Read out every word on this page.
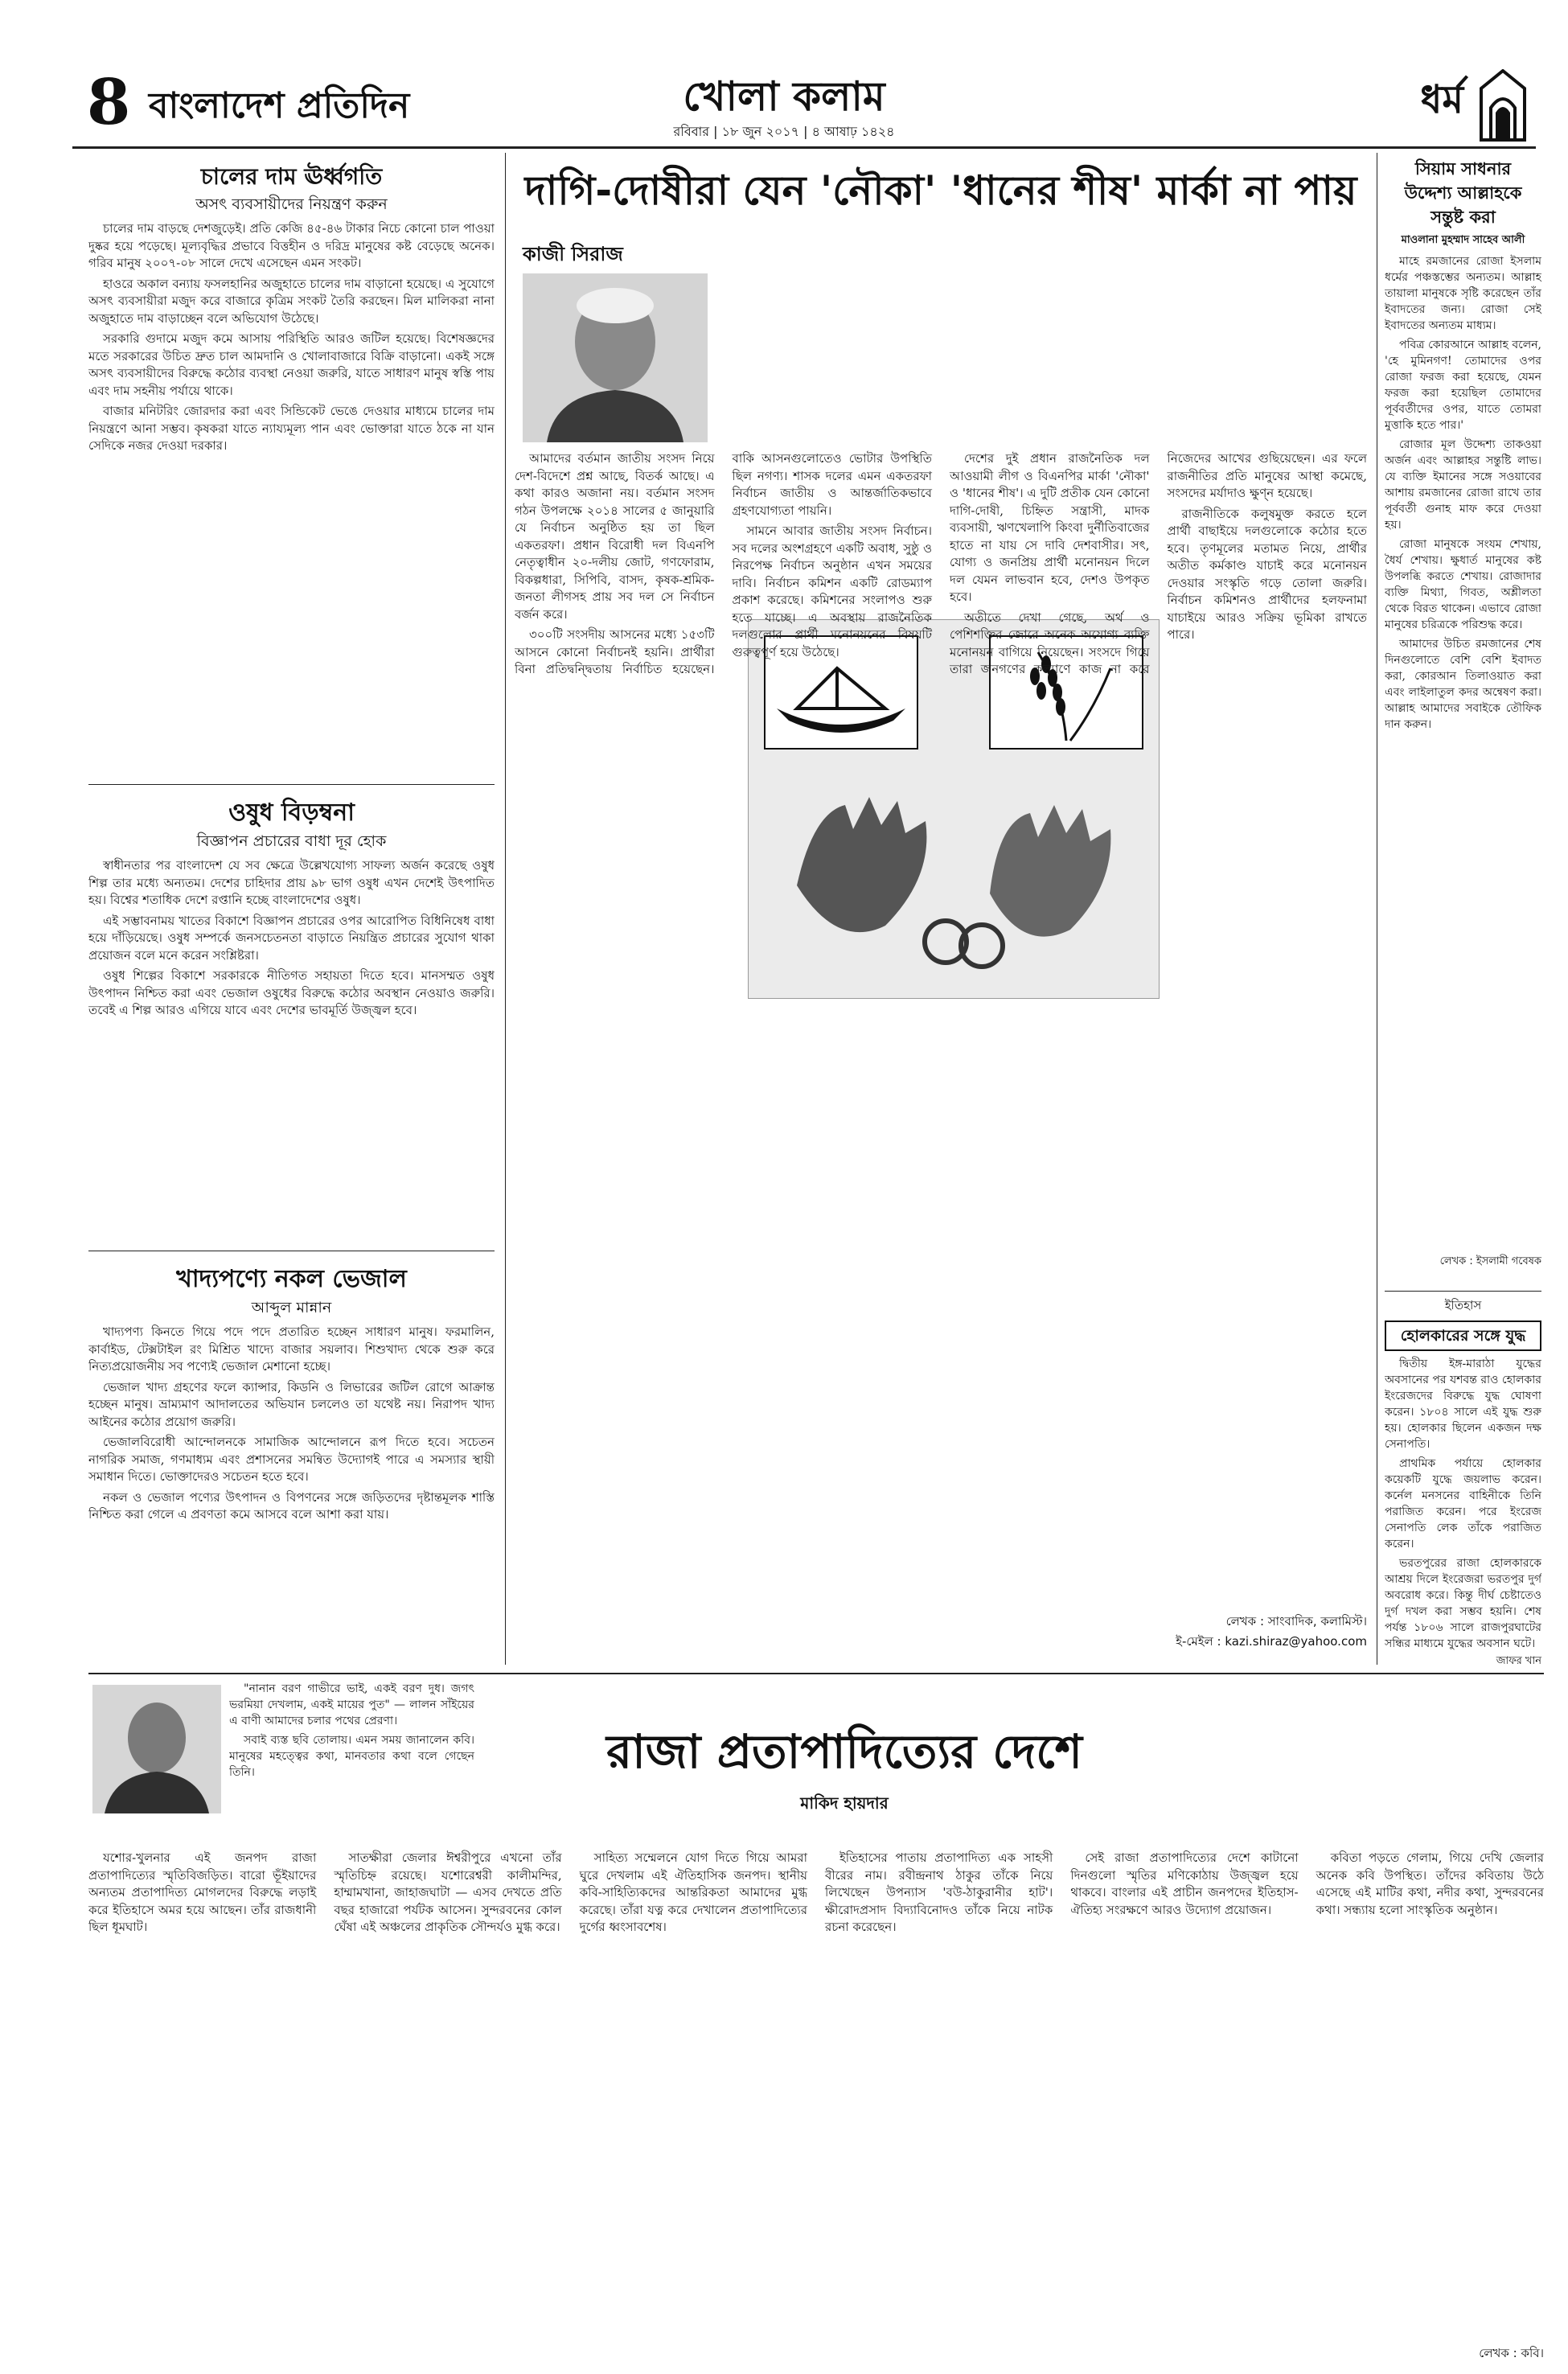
8 বাংলাদেশ প্রতিদিন	খোলা কলাম
রবিবার | ১৮ জুন ২০১৭ | ৪ আষাঢ় ১৪২৪
ধর্ম
চালের দাম ঊর্ধ্বগতি
অসৎ ব্যবসায়ীদের নিয়ন্ত্রণ করুন

চালের দাম বাড়ছে দেশজুড়েই। প্রতি কেজি ৪৫-৪৬ টাকার নিচে কোনো চাল পাওয়া দুষ্কর হয়ে পড়েছে। মূল্যবৃদ্ধির প্রভাবে বিত্তহীন ও দরিদ্র মানুষের কষ্ট বেড়েছে অনেক। গরিব মানুষ ২০০৭-০৮ সালে দেখে এসেছেন এমন সংকট।

হাওরে অকাল বন্যায় ফসলহানির অজুহাতে চালের দাম বাড়ানো হয়েছে। এ সুযোগে অসৎ ব্যবসায়ীরা মজুদ করে বাজারে কৃত্রিম সংকট তৈরি করছেন। মিল মালিকরা নানা অজুহাতে দাম বাড়াচ্ছেন বলে অভিযোগ উঠেছে।

সরকারি গুদামে মজুদ কমে আসায় পরিস্থিতি আরও জটিল হয়েছে। বিশেষজ্ঞদের মতে সরকারের উচিত দ্রুত চাল আমদানি ও খোলাবাজারে বিক্রি বাড়ানো। একই সঙ্গে অসৎ ব্যবসায়ীদের বিরুদ্ধে কঠোর ব্যবস্থা নেওয়া জরুরি, যাতে সাধারণ মানুষ স্বস্তি পায় এবং দাম সহনীয় পর্যায়ে থাকে।

বাজার মনিটরিং জোরদার করা এবং সিন্ডিকেট ভেঙে দেওয়ার মাধ্যমে চালের দাম নিয়ন্ত্রণে আনা সম্ভব। কৃষকরা যাতে ন্যায্যমূল্য পান এবং ভোক্তারা যাতে ঠকে না যান সেদিকে নজর দেওয়া দরকার।

ওষুধ বিড়ম্বনা
বিজ্ঞাপন প্রচারের বাধা দূর হোক

স্বাধীনতার পর বাংলাদেশ যে সব ক্ষেত্রে উল্লেখযোগ্য সাফল্য অর্জন করেছে ওষুধ শিল্প তার মধ্যে অন্যতম। দেশের চাহিদার প্রায় ৯৮ ভাগ ওষুধ এখন দেশেই উৎপাদিত হয়। বিশ্বের শতাধিক দেশে রপ্তানি হচ্ছে বাংলাদেশের ওষুধ।

এই সম্ভাবনাময় খাতের বিকাশে বিজ্ঞাপন প্রচারের ওপর আরোপিত বিধিনিষেধ বাধা হয়ে দাঁড়িয়েছে। ওষুধ সম্পর্কে জনসচেতনতা বাড়াতে নিয়ন্ত্রিত প্রচারের সুযোগ থাকা প্রয়োজন বলে মনে করেন সংশ্লিষ্টরা।

ওষুধ শিল্পের বিকাশে সরকারকে নীতিগত সহায়তা দিতে হবে। মানসম্মত ওষুধ উৎপাদন নিশ্চিত করা এবং ভেজাল ওষুধের বিরুদ্ধে কঠোর অবস্থান নেওয়াও জরুরি। তবেই এ শিল্প আরও এগিয়ে যাবে এবং দেশের ভাবমূর্তি উজ্জ্বল হবে।

খাদ্যপণ্যে নকল ভেজাল
আব্দুল মান্নান

খাদ্যপণ্য কিনতে গিয়ে পদে পদে প্রতারিত হচ্ছেন সাধারণ মানুষ। ফরমালিন, কার্বাইড, টেক্সটাইল রং মিশ্রিত খাদ্যে বাজার সয়লাব। শিশুখাদ্য থেকে শুরু করে নিত্যপ্রয়োজনীয় সব পণ্যেই ভেজাল মেশানো হচ্ছে।

ভেজাল খাদ্য গ্রহণের ফলে ক্যান্সার, কিডনি ও লিভারের জটিল রোগে আক্রান্ত হচ্ছেন মানুষ। ভ্রাম্যমাণ আদালতের অভিযান চললেও তা যথেষ্ট নয়। নিরাপদ খাদ্য আইনের কঠোর প্রয়োগ জরুরি।

ভেজালবিরোধী আন্দোলনকে সামাজিক আন্দোলনে রূপ দিতে হবে। সচেতন নাগরিক সমাজ, গণমাধ্যম এবং প্রশাসনের সমন্বিত উদ্যোগই পারে এ সমস্যার স্থায়ী সমাধান দিতে। ভোক্তাদেরও সচেতন হতে হবে।

নকল ও ভেজাল পণ্যের উৎপাদন ও বিপণনের সঙ্গে জড়িতদের দৃষ্টান্তমূলক শাস্তি নিশ্চিত করা গেলে এ প্রবণতা কমে আসবে বলে আশা করা যায়।

দাগি-দোষীরা যেন 'নৌকা' 'ধানের শীষ' মার্কা না পায়
কাজী সিরাজ

আমাদের বর্তমান জাতীয় সংসদ নিয়ে দেশ-বিদেশে প্রশ্ন আছে, বিতর্ক আছে। এ কথা কারও অজানা নয়। বর্তমান সংসদ গঠন উপলক্ষে ২০১৪ সালের ৫ জানুয়ারি যে নির্বাচন অনুষ্ঠিত হয় তা ছিল একতরফা। প্রধান বিরোধী দল বিএনপি নেতৃত্বাধীন ২০-দলীয় জোট, গণফোরাম, বিকল্পধারা, সিপিবি, বাসদ, কৃষক-শ্রমিক-জনতা লীগসহ প্রায় সব দল সে নির্বাচন বর্জন করে।

৩০০টি সংসদীয় আসনের মধ্যে ১৫৩টি আসনে কোনো নির্বাচনই হয়নি। প্রার্থীরা বিনা প্রতিদ্বন্দ্বিতায় নির্বাচিত হয়েছেন। বাকি আসনগুলোতেও ভোটার উপস্থিতি ছিল নগণ্য। শাসক দলের এমন একতরফা নির্বাচন জাতীয় ও আন্তর্জাতিকভাবে গ্রহণযোগ্যতা পায়নি।

সামনে আবার জাতীয় সংসদ নির্বাচন। সব দলের অংশগ্রহণে একটি অবাধ, সুষ্ঠু ও নিরপেক্ষ নির্বাচন অনুষ্ঠান এখন সময়ের দাবি। নির্বাচন কমিশন একটি রোডম্যাপ প্রকাশ করেছে। কমিশনের সংলাপও শুরু হতে যাচ্ছে। এ অবস্থায় রাজনৈতিক দলগুলোর প্রার্থী মনোনয়নের বিষয়টি গুরুত্বপূর্ণ হয়ে উঠেছে।

দেশের দুই প্রধান রাজনৈতিক দল আওয়ামী লীগ ও বিএনপির মার্কা 'নৌকা' ও 'ধানের শীষ'। এ দুটি প্রতীক যেন কোনো দাগি-দোষী, চিহ্নিত সন্ত্রাসী, মাদক ব্যবসায়ী, ঋণখেলাপি কিংবা দুর্নীতিবাজের হাতে না যায় সে দাবি দেশবাসীর। সৎ, যোগ্য ও জনপ্রিয় প্রার্থী মনোনয়ন দিলে দল যেমন লাভবান হবে, দেশও উপকৃত হবে।

অতীতে দেখা গেছে, অর্থ ও পেশিশক্তির জোরে অনেক অযোগ্য ব্যক্তি মনোনয়ন বাগিয়ে নিয়েছেন। সংসদে গিয়ে তারা জনগণের কল্যাণে কাজ না করে নিজেদের আখের গুছিয়েছেন। এর ফলে রাজনীতির প্রতি মানুষের আস্থা কমেছে, সংসদের মর্যাদাও ক্ষুণ্ন হয়েছে।

রাজনীতিকে কলুষমুক্ত করতে হলে প্রার্থী বাছাইয়ে দলগুলোকে কঠোর হতে হবে। তৃণমূলের মতামত নিয়ে, প্রার্থীর অতীত কর্মকাণ্ড যাচাই করে মনোনয়ন দেওয়ার সংস্কৃতি গড়ে তোলা জরুরি। নির্বাচন কমিশনও প্রার্থীদের হলফনামা যাচাইয়ে আরও সক্রিয় ভূমিকা রাখতে পারে।

লেখক : সাংবাদিক, কলামিস্ট।
ই-মেইল : kazi.shiraz@yahoo.com
সিয়াম সাধনার
উদ্দেশ্য আল্লাহকে
সন্তুষ্ট করা
মাওলানা মুহম্মাদ সাহেব আলী

মাহে রমজানের রোজা ইসলাম ধর্মের পঞ্চস্তম্ভের অন্যতম। আল্লাহ তায়ালা মানুষকে সৃষ্টি করেছেন তাঁর ইবাদতের জন্য। রোজা সেই ইবাদতের অন্যতম মাধ্যম।

পবিত্র কোরআনে আল্লাহ বলেন, 'হে মুমিনগণ! তোমাদের ওপর রোজা ফরজ করা হয়েছে, যেমন ফরজ করা হয়েছিল তোমাদের পূর্ববর্তীদের ওপর, যাতে তোমরা মুত্তাকি হতে পার।'

রোজার মূল উদ্দেশ্য তাকওয়া অর্জন এবং আল্লাহর সন্তুষ্টি লাভ। যে ব্যক্তি ইমানের সঙ্গে সওয়াবের আশায় রমজানের রোজা রাখে তার পূর্ববর্তী গুনাহ মাফ করে দেওয়া হয়।

রোজা মানুষকে সংযম শেখায়, ধৈর্য শেখায়। ক্ষুধার্ত মানুষের কষ্ট উপলব্ধি করতে শেখায়। রোজাদার ব্যক্তি মিথ্যা, গিবত, অশ্লীলতা থেকে বিরত থাকেন। এভাবে রোজা মানুষের চরিত্রকে পরিশুদ্ধ করে।

আমাদের উচিত রমজানের শেষ দিনগুলোতে বেশি বেশি ইবাদত করা, কোরআন তিলাওয়াত করা এবং লাইলাতুল কদর অন্বেষণ করা। আল্লাহ আমাদের সবাইকে তৌফিক দান করুন।

লেখক : ইসলামী গবেষক
ইতিহাস
হোলকারের সঙ্গে যুদ্ধ

দ্বিতীয় ইঙ্গ-মারাঠা যুদ্ধের অবসানের পর যশবন্ত রাও হোলকার ইংরেজদের বিরুদ্ধে যুদ্ধ ঘোষণা করেন। ১৮০৪ সালে এই যুদ্ধ শুরু হয়। হোলকার ছিলেন একজন দক্ষ সেনাপতি।

প্রাথমিক পর্যায়ে হোলকার কয়েকটি যুদ্ধে জয়লাভ করেন। কর্নেল মনসনের বাহিনীকে তিনি পরাজিত করেন। পরে ইংরেজ সেনাপতি লেক তাঁকে পরাজিত করেন।

ভরতপুরের রাজা হোলকারকে আশ্রয় দিলে ইংরেজরা ভরতপুর দুর্গ অবরোধ করে। কিন্তু দীর্ঘ চেষ্টাতেও দুর্গ দখল করা সম্ভব হয়নি। শেষ পর্যন্ত ১৮০৬ সালে রাজপুরঘাটের সন্ধির মাধ্যমে যুদ্ধের অবসান ঘটে।

জাফর খান

"নানান বরণ গাভীরে ভাই, একই বরণ দুধ। জগৎ ভরমিয়া দেখলাম, একই মায়ের পুত" — লালন সাঁইয়ের এ বাণী আমাদের চলার পথের প্রেরণা।

সবাই ব্যস্ত ছবি তোলায়। এমন সময় জানালেন কবি। মানুষের মহত্ত্বের কথা, মানবতার কথা বলে গেছেন তিনি।	রাজা প্রতাপাদিত্যের দেশে
মাকিদ হায়দার

যশোর-খুলনার এই জনপদ রাজা প্রতাপাদিত্যের স্মৃতিবিজড়িত। বারো ভূঁইয়াদের অন্যতম প্রতাপাদিত্য মোগলদের বিরুদ্ধে লড়াই করে ইতিহাসে অমর হয়ে আছেন। তাঁর রাজধানী ছিল ধূমঘাট।

সাতক্ষীরা জেলার ঈশ্বরীপুরে এখনো তাঁর স্মৃতিচিহ্ন রয়েছে। যশোরেশ্বরী কালীমন্দির, হাম্মামখানা, জাহাজঘাটা — এসব দেখতে প্রতি বছর হাজারো পর্যটক আসেন। সুন্দরবনের কোল ঘেঁষা এই অঞ্চলের প্রাকৃতিক সৌন্দর্যও মুগ্ধ করে।

সাহিত্য সম্মেলনে যোগ দিতে গিয়ে আমরা ঘুরে দেখলাম এই ঐতিহাসিক জনপদ। স্থানীয় কবি-সাহিত্যিকদের আন্তরিকতা আমাদের মুগ্ধ করেছে। তাঁরা যত্ন করে দেখালেন প্রতাপাদিত্যের দুর্গের ধ্বংসাবশেষ।

ইতিহাসের পাতায় প্রতাপাদিত্য এক সাহসী বীরের নাম। রবীন্দ্রনাথ ঠাকুর তাঁকে নিয়ে লিখেছেন উপন্যাস 'বউ-ঠাকুরানীর হাট'। ক্ষীরোদপ্রসাদ বিদ্যাবিনোদও তাঁকে নিয়ে নাটক রচনা করেছেন।

সেই রাজা প্রতাপাদিত্যের দেশে কাটানো দিনগুলো স্মৃতির মণিকোঠায় উজ্জ্বল হয়ে থাকবে। বাংলার এই প্রাচীন জনপদের ইতিহাস-ঐতিহ্য সংরক্ষণে আরও উদ্যোগ প্রয়োজন।

কবিতা পড়তে গেলাম, গিয়ে দেখি জেলার অনেক কবি উপস্থিত। তাঁদের কবিতায় উঠে এসেছে এই মাটির কথা, নদীর কথা, সুন্দরবনের কথা। সন্ধ্যায় হলো সাংস্কৃতিক অনুষ্ঠান।

লেখক : কবি।
